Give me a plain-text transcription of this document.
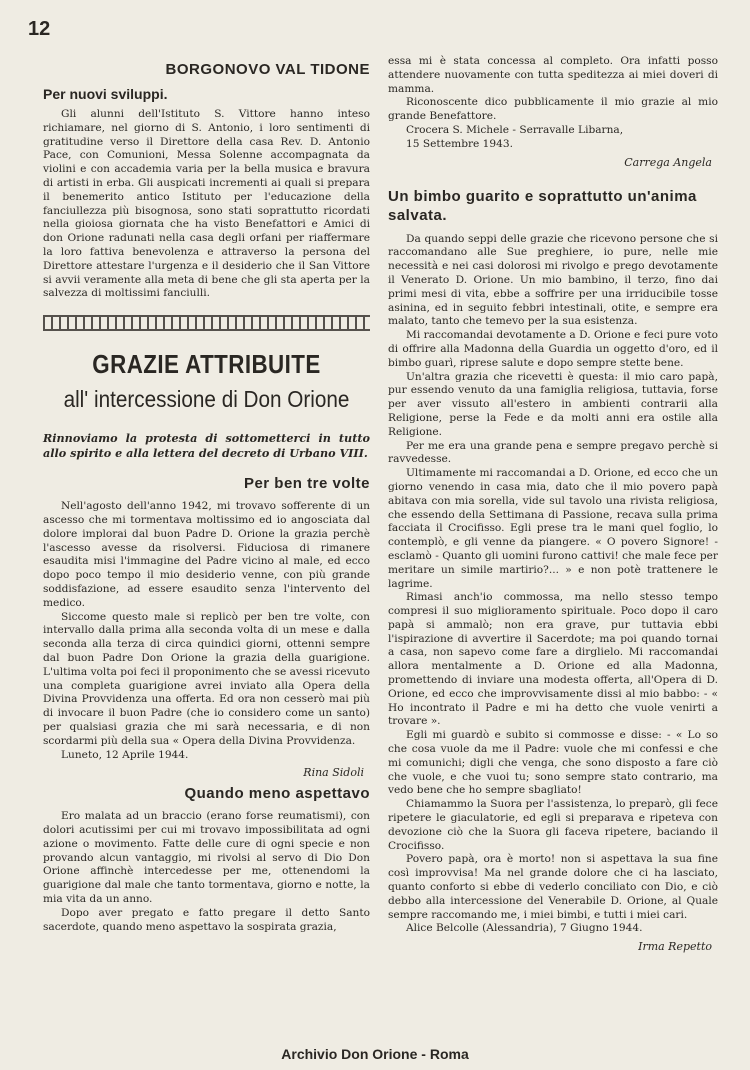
12
BORGONOVO VAL TIDONE
Per nuovi sviluppi.

Gli alunni dell'Istituto S. Vittore hanno inteso richiamare, nel giorno di S. Antonio, i loro sentimenti di gratitudine verso il Direttore della casa Rev. D. Antonio Pace, con Comunioni, Messa Solenne accompagnata da violini e con accademia varia per la bella musica e bravura di artisti in erba. Gli auspicati incrementi ai quali si prepara il benemerito antico Istituto per l'educazione della fanciullezza più bisognosa, sono stati soprattutto ricordati nella gioiosa giornata che ha visto Benefattori e Amici di don Orione radunati nella casa degli orfani per riaffermare la loro fattiva benevolenza e attraverso la persona del Direttore attestare l'urgenza e il desiderio che il San Vittore si avvii veramente alla meta di bene che gli sta aperta per la salvezza di moltissimi fanciulli.

GRAZIE ATTRIBUITE
all' intercessione di Don Orione
Rinnoviamo la protesta di sottometterci in tutto allo spirito e alla lettera del decreto di Urbano VIII.
Per ben tre volte

Nell'agosto dell'anno 1942, mi trovavo sofferente di un ascesso che mi tormentava moltissimo ed io angosciata dal dolore implorai dal buon Padre D. Orione la grazia perchè l'ascesso avesse da risolversi. Fiduciosa di rimanere esaudita misi l'immagine del Padre vicino al male, ed ecco dopo poco tempo il mio desiderio venne, con più grande soddisfazione, ad essere esaudito senza l'intervento del medico.

Siccome questo male si replicò per ben tre volte, con intervallo dalla prima alla seconda volta di un mese e dalla seconda alla terza di circa quindici giorni, ottenni sempre dal buon Padre Don Orione la grazia della guarigione. L'ultima volta poi feci il proponimento che se avessi ricevuto una completa guarigione avrei inviato alla Opera della Divina Provvidenza una offerta. Ed ora non cesserò mai più di invocare il buon Padre (che io considero come un santo) per qualsiasi grazia che mi sarà necessaria, e di non scordarmi più della sua « Opera della Divina Provvidenza.

Luneto, 12 Aprile 1944.

Rina Sidoli
Quando meno aspettavo

Ero malata ad un braccio (erano forse reumatismi), con dolori acutissimi per cui mi trovavo impossibilitata ad ogni azione o movimento. Fatte delle cure di ogni specie e non provando alcun vantaggio, mi rivolsi al servo di Dio Don Orione affinchè intercedesse per me, ottenendomi la guarigione dal male che tanto tormentava, giorno e notte, la mia vita da un anno.

Dopo aver pregato e fatto pregare il detto Santo sacerdote, quando meno aspettavo la sospirata grazia,

essa mi è stata concessa al completo. Ora infatti posso attendere nuovamente con tutta speditezza ai miei doveri di mamma.

Riconoscente dico pubblicamente il mio grazie al mio grande Benefattore.

Crocera S. Michele - Serravalle Libarna,

15 Settembre 1943.

Carrega Angela
Un bimbo guarito e soprattutto un'anima salvata.

Da quando seppi delle grazie che ricevono persone che si raccomandano alle Sue preghiere, io pure, nelle mie necessità e nei casi dolorosi mi rivolgo e prego devotamente il Venerato D. Orione. Un mio bambino, il terzo, fino dai primi mesi di vita, ebbe a soffrire per una irriducibile tosse asinina, ed in seguito febbri intestinali, otite, e sempre era malato, tanto che temevo per la sua esistenza.

Mi raccomandai devotamente a D. Orione e feci pure voto di offrire alla Madonna della Guardia un oggetto d'oro, ed il bimbo guarì, riprese salute e dopo sempre stette bene.

Un'altra grazia che ricevetti è questa: il mio caro papà, pur essendo venuto da una famiglia religiosa, tuttavia, forse per aver vissuto all'estero in ambienti contrarii alla Religione, perse la Fede e da molti anni era ostile alla Religione.

Per me era una grande pena e sempre pregavo perchè si ravvedesse.

Ultimamente mi raccomandai a D. Orione, ed ecco che un giorno venendo in casa mia, dato che il mio povero papà abitava con mia sorella, vide sul tavolo una rivista religiosa, che essendo della Settimana di Passione, recava sulla prima facciata il Crocifisso. Egli prese tra le mani quel foglio, lo contemplò, e gli venne da piangere. « O povero Signore! - esclamò - Quanto gli uomini furono cattivi! che male fece per meritare un simile martirio?... » e non potè trattenere le lagrime.

Rimasi anch'io commossa, ma nello stesso tempo compresi il suo miglioramento spirituale. Poco dopo il caro papà si ammalò; non era grave, pur tuttavia ebbi l'ispirazione di avvertire il Sacerdote; ma poi quando tornai a casa, non sapevo come fare a dirglielo. Mi raccomandai allora mentalmente a D. Orione ed alla Madonna, promettendo di inviare una modesta offerta, all'Opera di D. Orione, ed ecco che improvvisamente dissi al mio babbo: - « Ho incontrato il Padre e mi ha detto che vuole venirti a trovare ».

Egli mi guardò e subito si commosse e disse: - « Lo so che cosa vuole da me il Padre: vuole che mi confessi e che mi comunichi; digli che venga, che sono disposto a fare ciò che vuole, e che vuoi tu; sono sempre stato contrario, ma vedo bene che ho sempre sbagliato!

Chiamammo la Suora per l'assistenza, lo preparò, gli fece ripetere le giaculatorie, ed egli si preparava e ripeteva con devozione ciò che la Suora gli faceva ripetere, baciando il Crocifisso.

Povero papà, ora è morto! non si aspettava la sua fine così improvvisa! Ma nel grande dolore che ci ha lasciato, quanto conforto si ebbe di vederlo conciliato con Dio, e ciò debbo alla intercessione del Venerabile D. Orione, al Quale sempre raccomando me, i miei bimbi, e tutti i miei cari.

Alice Belcolle (Alessandria), 7 Giugno 1944.

Irma Repetto
Archivio Don Orione - Roma
